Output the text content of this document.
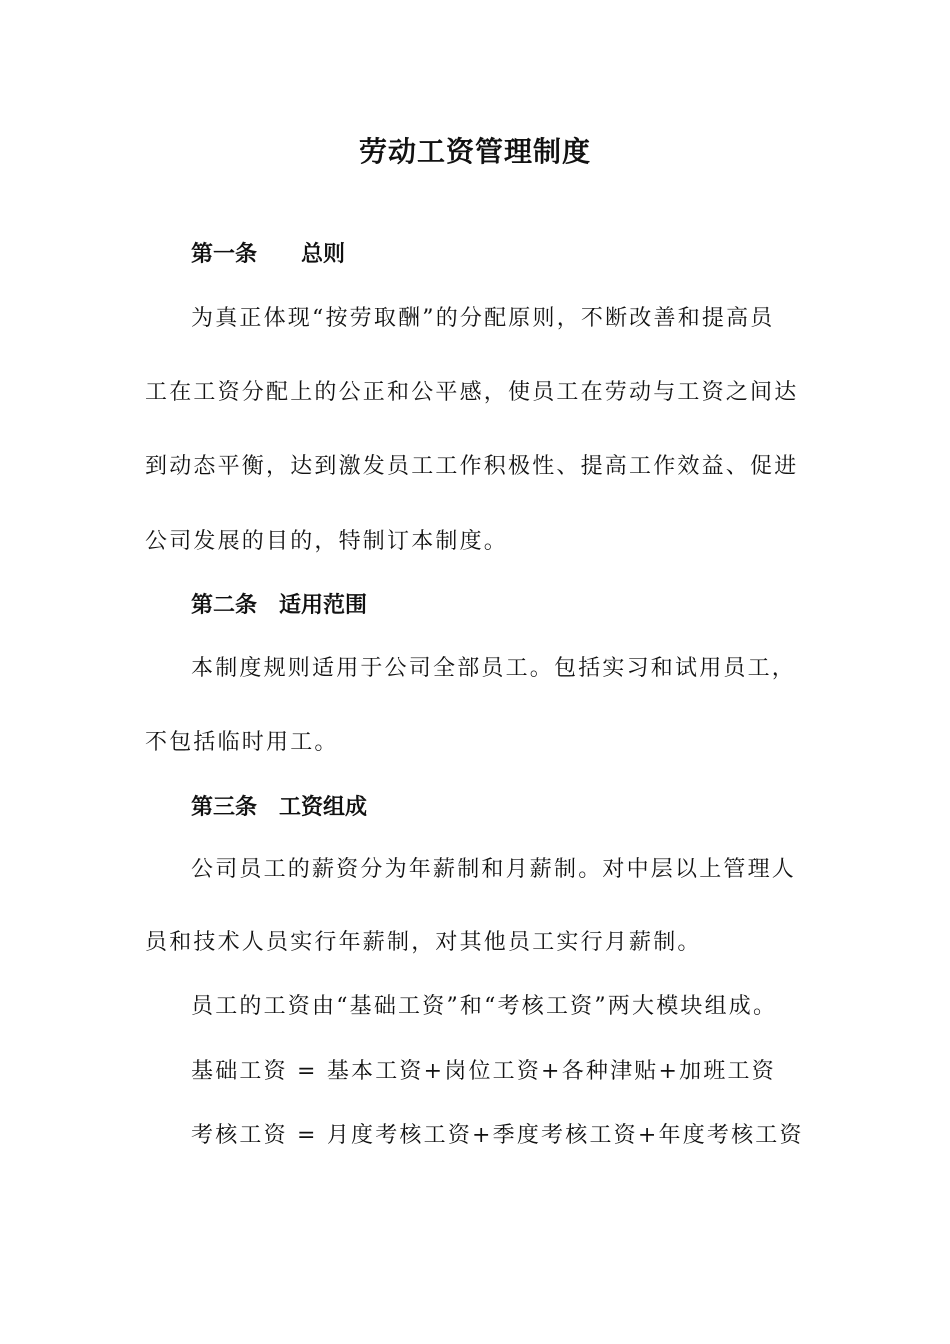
劳动工资管理制度
第一条　　总则
为真正体现“按劳取酬”的分配原则，不断改善和提高员
工在工资分配上的公正和公平感，使员工在劳动与工资之间达
到动态平衡，达到激发员工工作积极性、提高工作效益、促进
公司发展的目的，特制订本制度。
第二条　适用范围
本制度规则适用于公司全部员工。包括实习和试用员工，
不包括临时用工。
第三条　工资组成
公司员工的薪资分为年薪制和月薪制。对中层以上管理人
员和技术人员实行年薪制，对其他员工实行月薪制。
员工的工资由“基础工资”和“考核工资”两大模块组成。
基础工资 = 基本工资+岗位工资+各种津贴+加班工资
考核工资 = 月度考核工资+季度考核工资+年度考核工资
